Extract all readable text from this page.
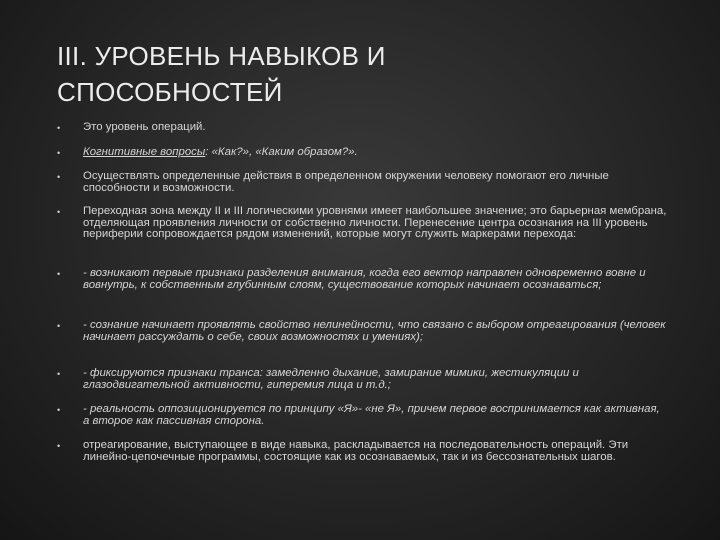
III. УРОВЕНЬ НАВЫКОВ И
СПОСОБНОСТЕЙ
• Это уровень операций.
• Когнитивные вопросы: «Как?», «Каким образом?».
• Осуществлять определенные действия в определенном окружении человеку помогают его личные способности и возможности.
• Переходная зона между II и III логическими уровнями имеет наибольшее значение; это барьерная мембрана, отделяющая проявления личности от собственно личности. Перенесение центра осознания на III уровень периферии сопровождается рядом изменений, которые могут служить маркерами перехода:
• - возникают первые признаки разделения внимания, когда его вектор направлен одновременно вовне и вовнутрь, к собственным глубинным слоям, существование которых начинает осознаваться;
• - сознание начинает проявлять свойство нелинейности, что связано с выбором отреагирования (человек начинает рассуждать о себе, своих возможностях и умениях);
• - фиксируются признаки транса: замедленно дыхание, замирание мимики, жестикуляции и глазодвигательной активности, гиперемия лица и т.д.;
• - реальность оппозиционируется по принципу «Я»- «не Я», причем первое воспринимается как активная, а второе как пассивная сторона.
• отреагирование, выступающее в виде навыка, раскладывается на последовательность операций. Эти линейно-цепочечные программы, состоящие как из осознаваемых, так и из бессознательных шагов.
